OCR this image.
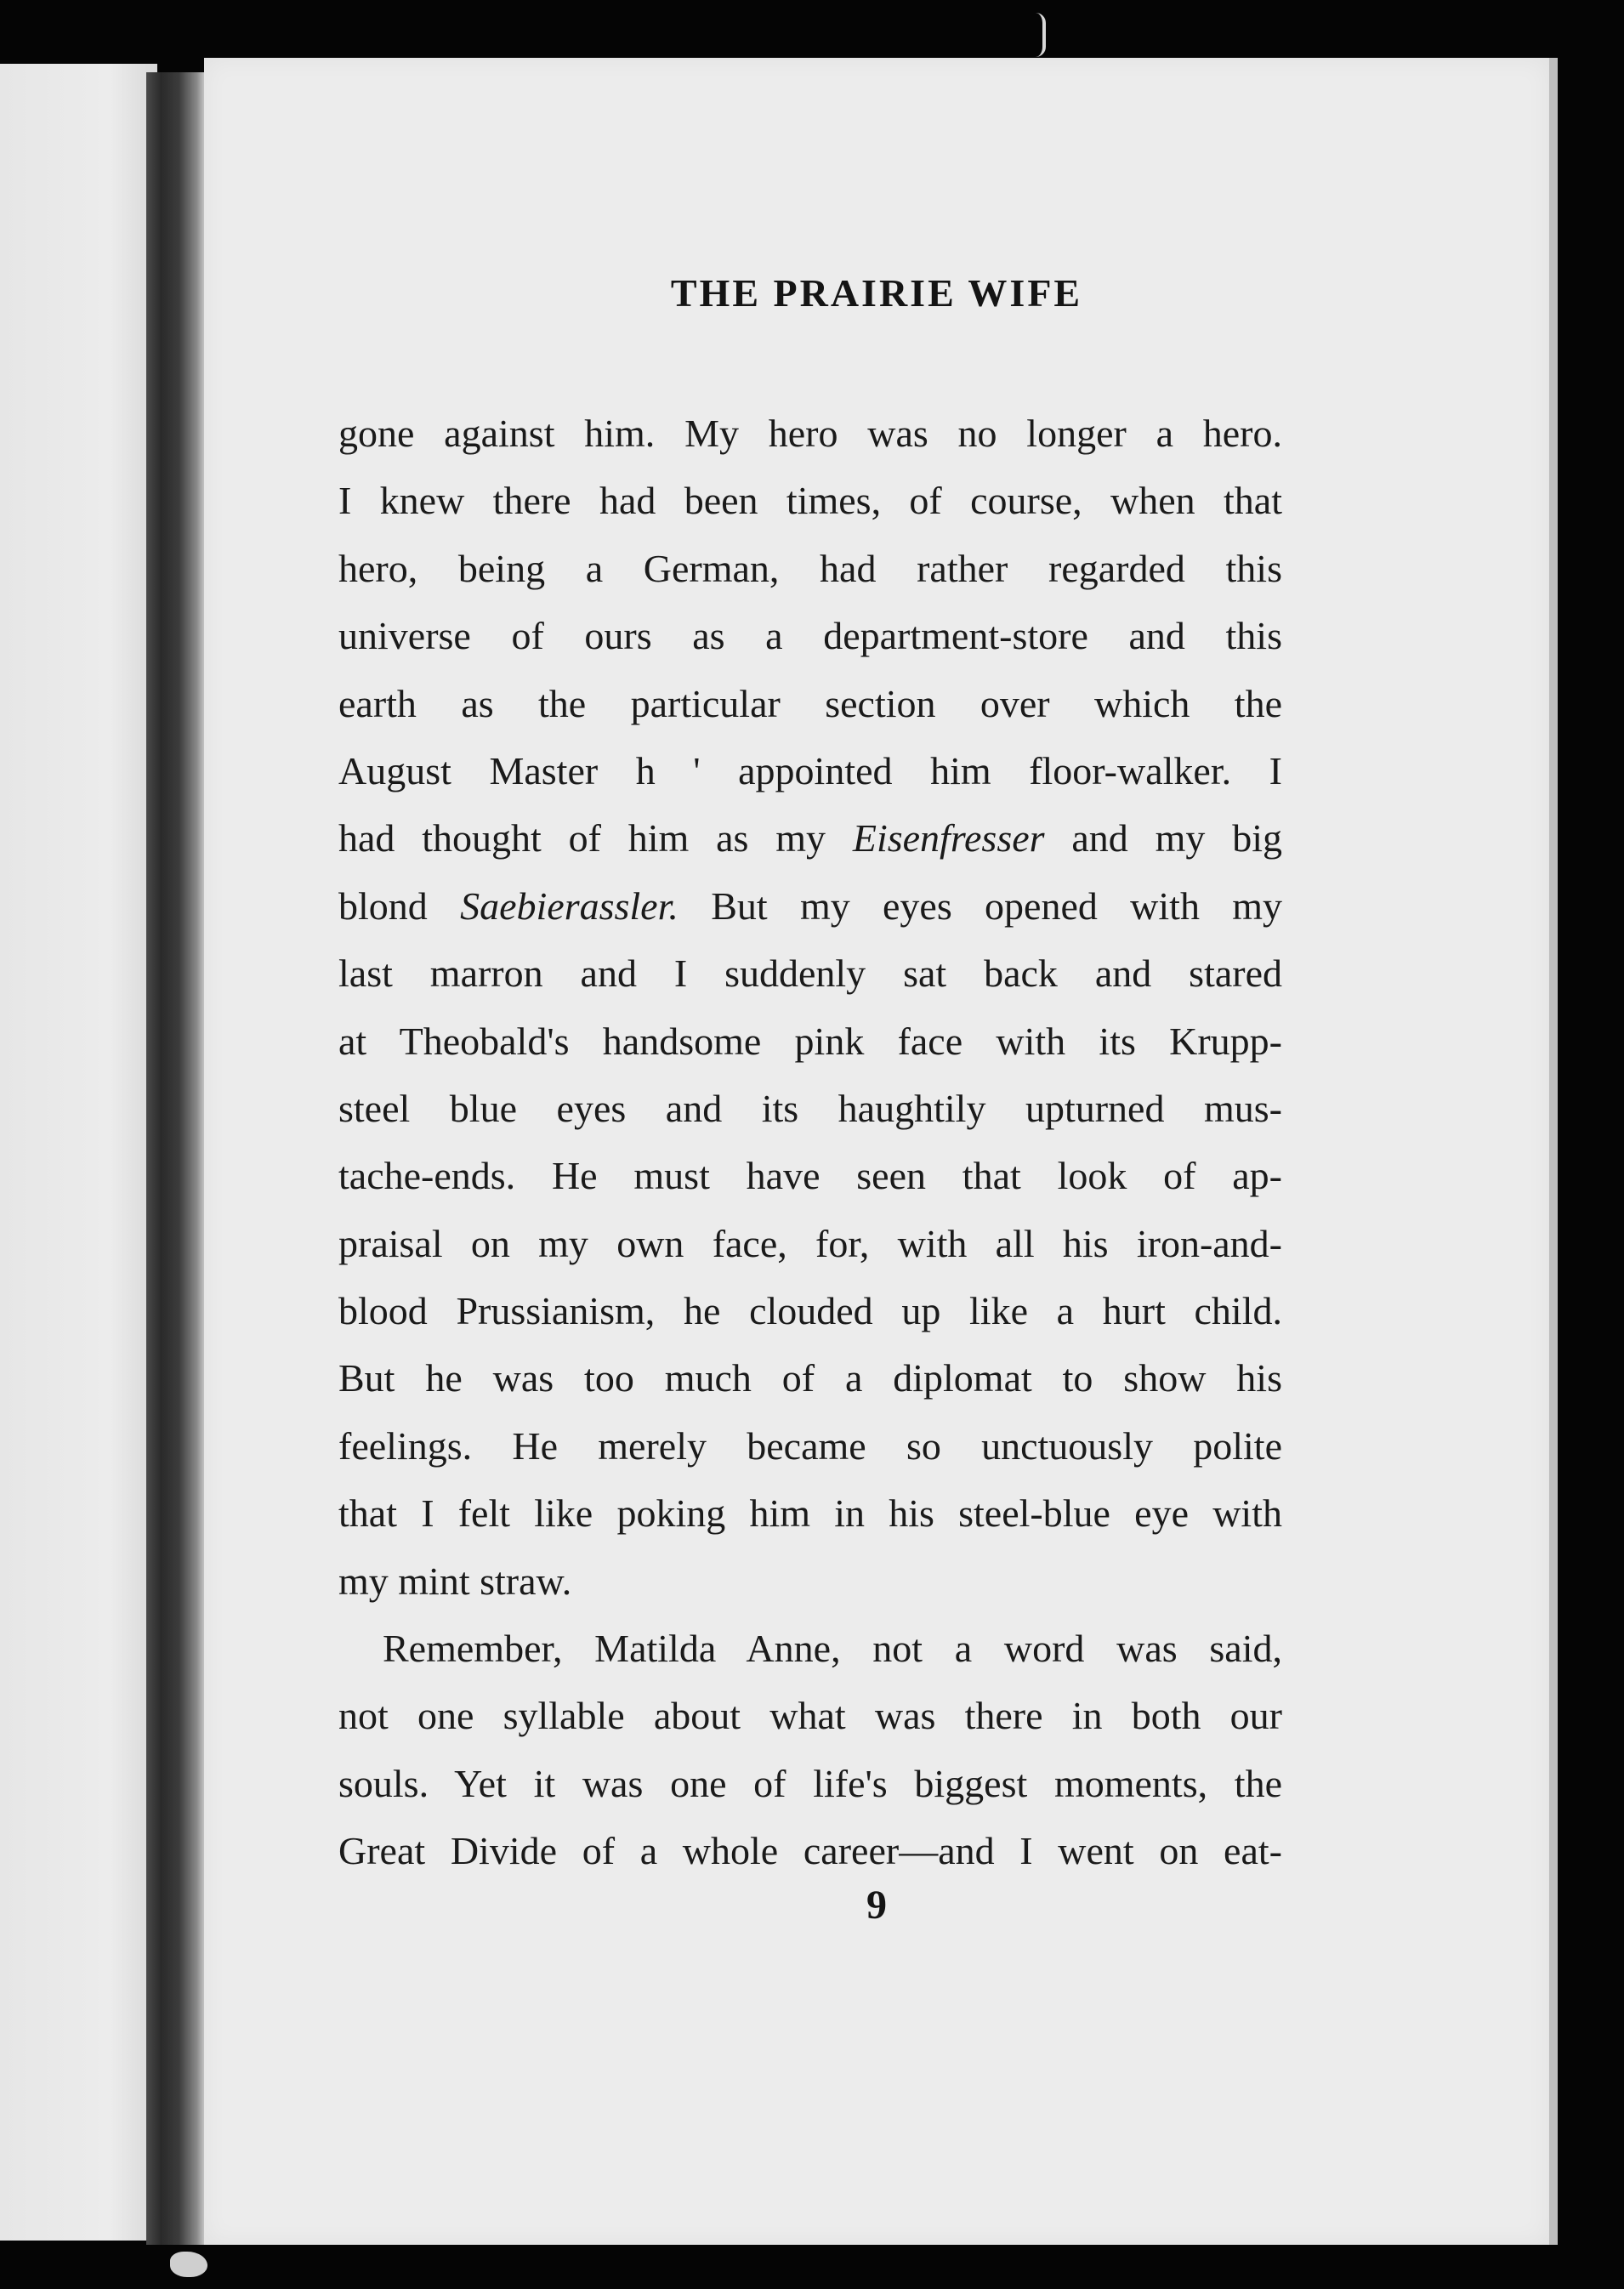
THE PRAIRIE WIFE
gone against him. My hero was no longer a hero.
I knew there had been times, of course, when that
hero, being a German, had rather regarded this
universe of ours as a department-store and this
earth as the particular section over which the
August Master h ' appointed him floor-walker. I
had thought of him as my Eisenfresser and my big
blond Saebierassler. But my eyes opened with my
last marron and I suddenly sat back and stared
at Theobald's handsome pink face with its Krupp-
steel blue eyes and its haughtily upturned mus-
tache-ends. He must have seen that look of ap-
praisal on my own face, for, with all his iron-and-
blood Prussianism, he clouded up like a hurt child.
But he was too much of a diplomat to show his
feelings. He merely became so unctuously polite
that I felt like poking him in his steel-blue eye with
my mint straw.
Remember, Matilda Anne, not a word was said,
not one syllable about what was there in both our
souls. Yet it was one of life's biggest moments, the
Great Divide of a whole career—and I went on eat-
9
